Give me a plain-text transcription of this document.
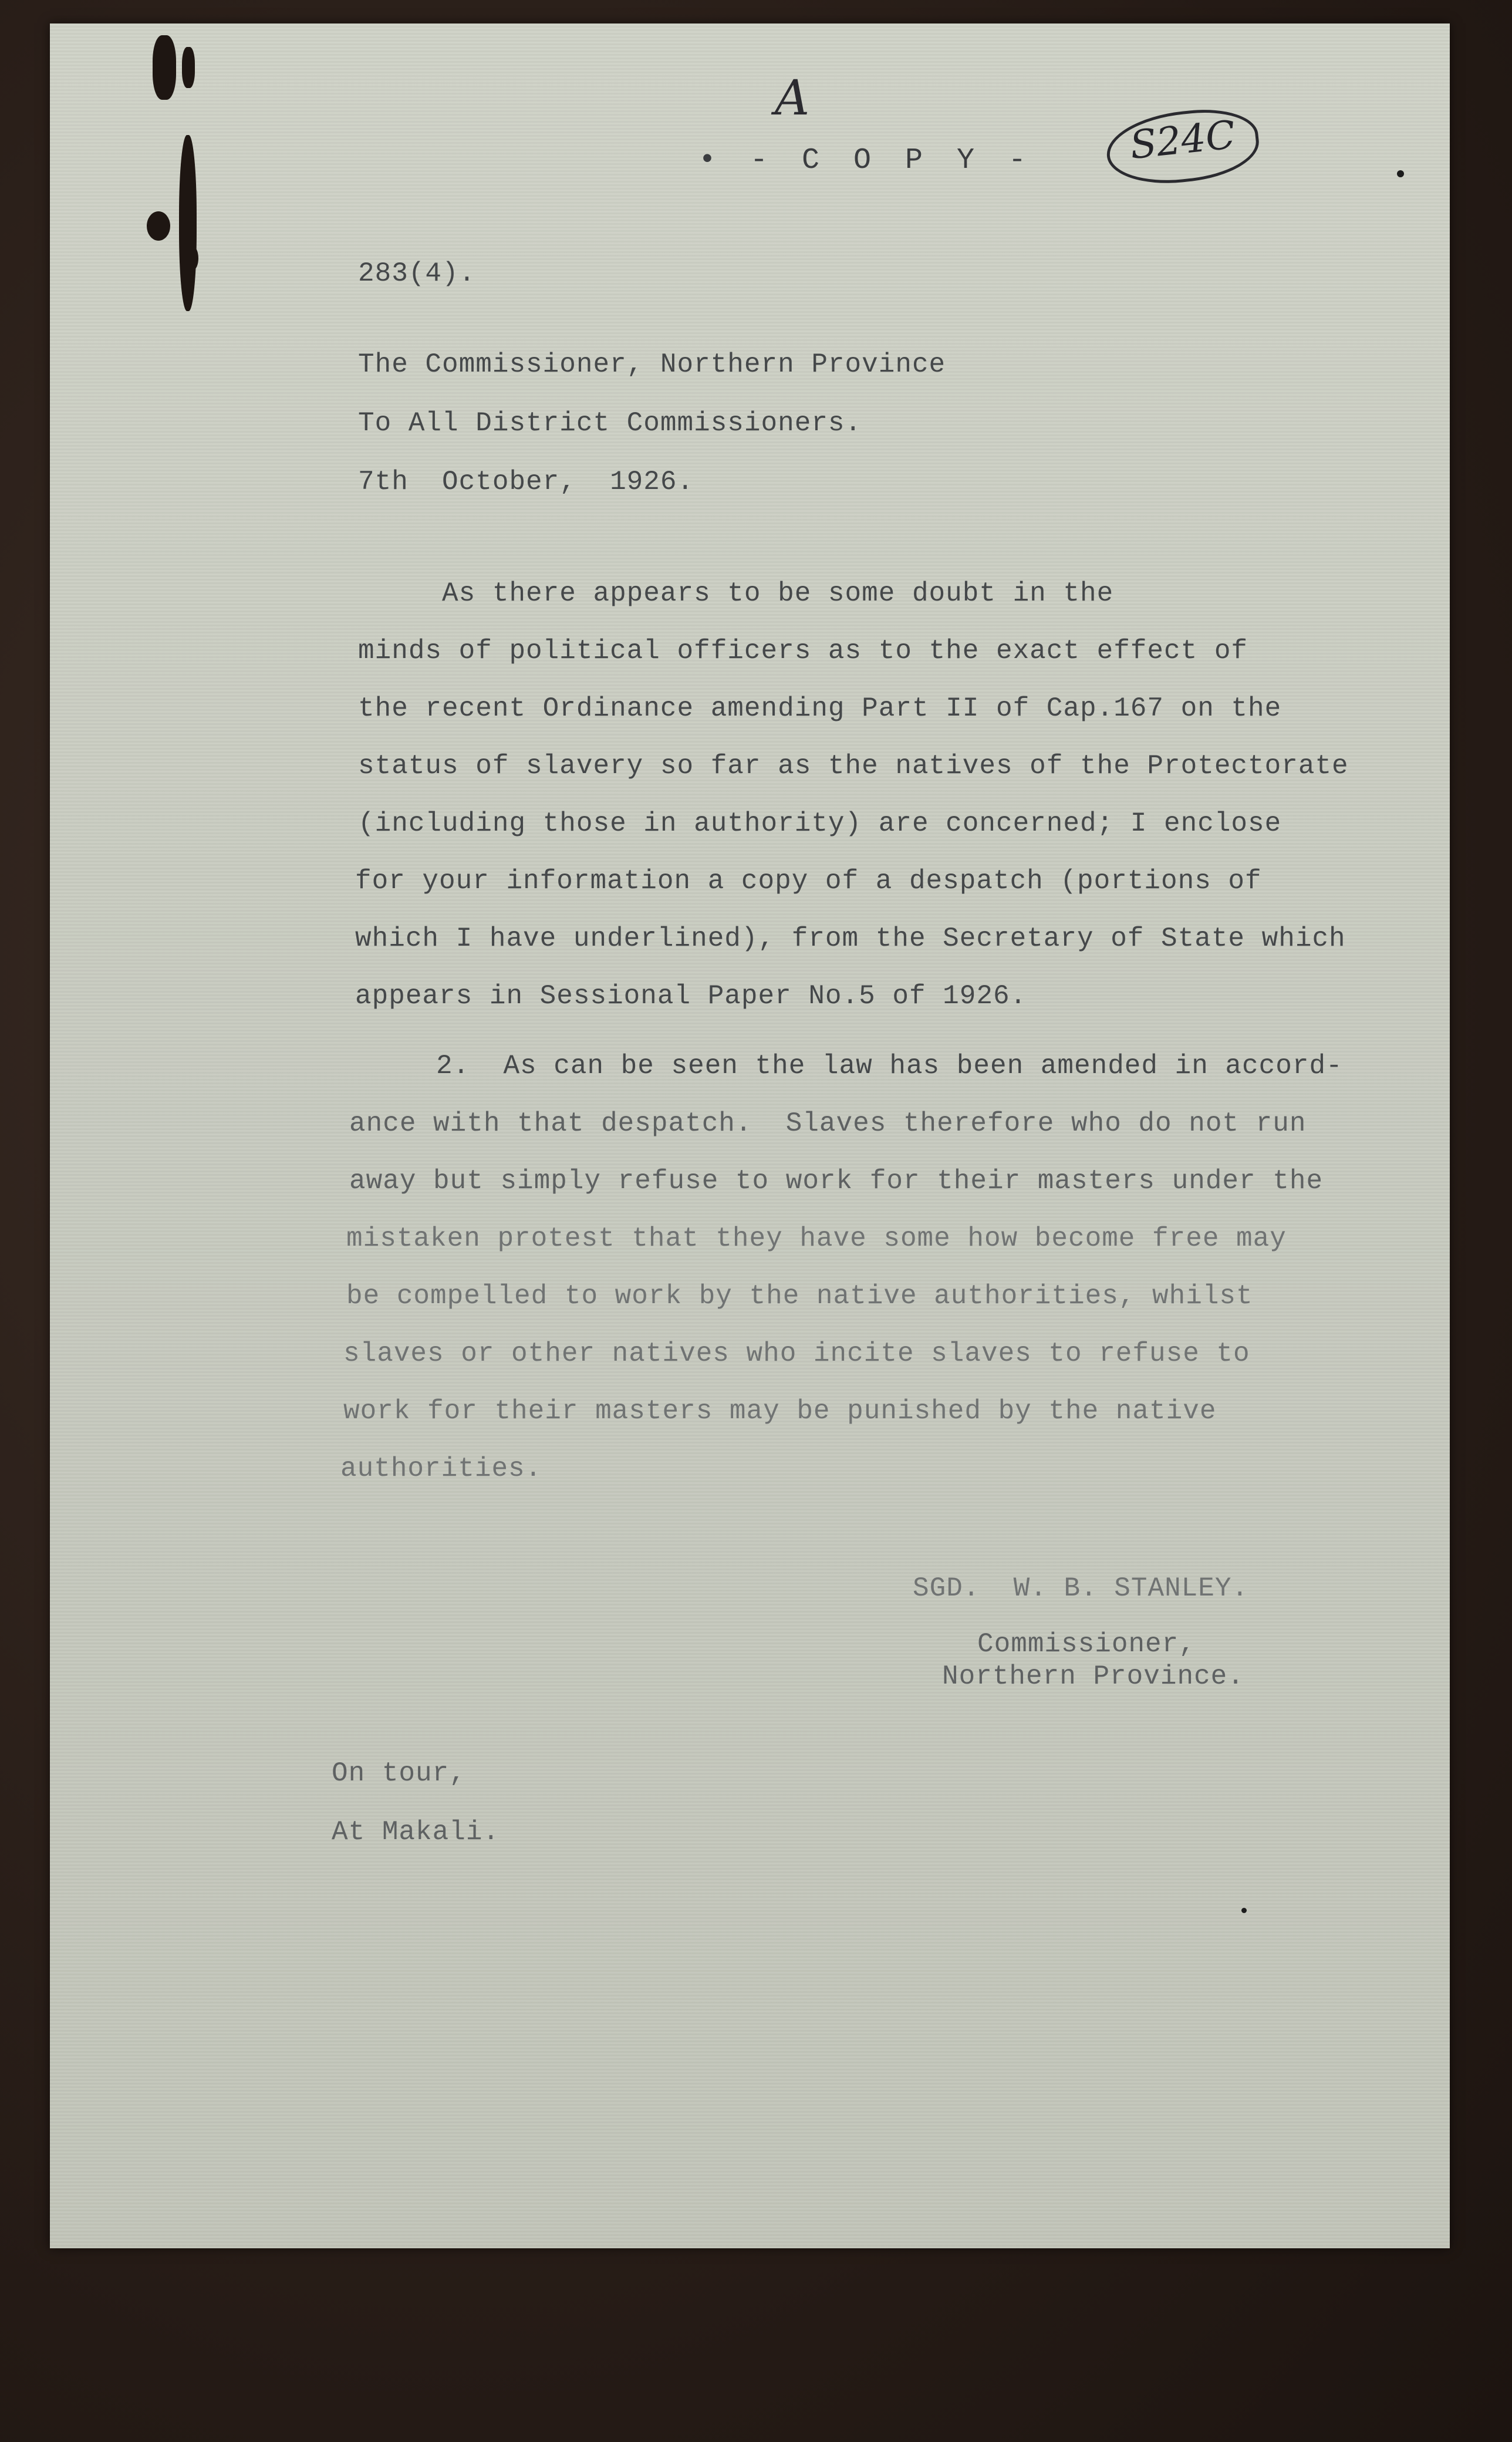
A
• - C O P Y - S24C
283(4).
The Commissioner, Northern Province
To All District Commissioners.
7th  October,  1926.
As there appears to be some doubt in the
minds of political officers as to the exact effect of
the recent Ordinance amending Part II of Cap.167 on the
status of slavery so far as the natives of the Protectorate
(including those in authority) are concerned; I enclose
for your information a copy of a despatch (portions of
which I have underlined), from the Secretary of State which
appears in Sessional Paper No.5 of 1926.
2.  As can be seen the law has been amended in accord-
ance with that despatch.  Slaves therefore who do not run
away but simply refuse to work for their masters under the
mistaken protest that they have some how become free may
be compelled to work by the native authorities, whilst
slaves or other natives who incite slaves to refuse to
work for their masters may be punished by the native
authorities.
SGD.  W. B. STANLEY.
Commissioner,
Northern Province.
On tour,
At Makali.
